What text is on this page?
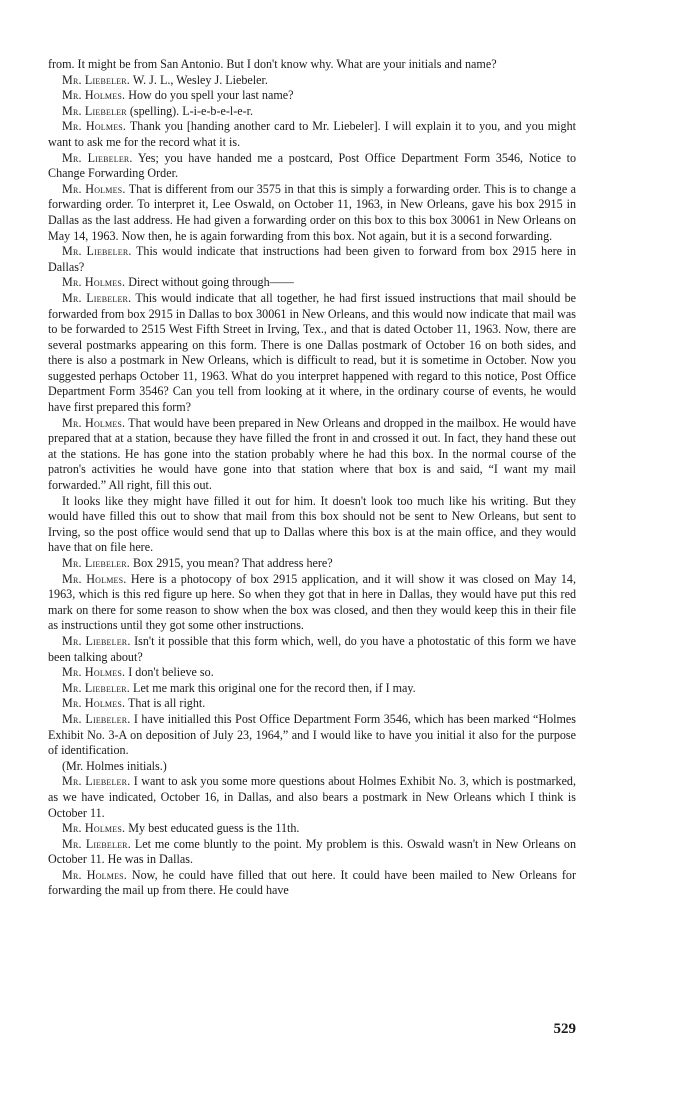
from. It might be from San Antonio. But I don't know why. What are your initials and name?

Mr. Liebeler. W. J. L., Wesley J. Liebeler.

Mr. Holmes. How do you spell your last name?

Mr. Liebeler (spelling). L-i-e-b-e-l-e-r.

Mr. Holmes. Thank you [handing another card to Mr. Liebeler]. I will explain it to you, and you might want to ask me for the record what it is.

Mr. Liebeler. Yes; you have handed me a postcard, Post Office Department Form 3546, Notice to Change Forwarding Order.

Mr. Holmes. That is different from our 3575 in that this is simply a forwarding order. This is to change a forwarding order. To interpret it, Lee Oswald, on October 11, 1963, in New Orleans, gave his box 2915 in Dallas as the last address. He had given a forwarding order on this box to this box 30061 in New Orleans on May 14, 1963. Now then, he is again forwarding from this box. Not again, but it is a second forwarding.

Mr. Liebeler. This would indicate that instructions had been given to forward from box 2915 here in Dallas?

Mr. Holmes. Direct without going through——

Mr. Liebeler. This would indicate that all together, he had first issued instructions that mail should be forwarded from box 2915 in Dallas to box 30061 in New Orleans, and this would now indicate that mail was to be forwarded to 2515 West Fifth Street in Irving, Tex., and that is dated October 11, 1963. Now, there are several postmarks appearing on this form. There is one Dallas postmark of October 16 on both sides, and there is also a postmark in New Orleans, which is difficult to read, but it is sometime in October. Now you suggested perhaps October 11, 1963. What do you interpret happened with regard to this notice, Post Office Department Form 3546? Can you tell from looking at it where, in the ordinary course of events, he would have first prepared this form?

Mr. Holmes. That would have been prepared in New Orleans and dropped in the mailbox. He would have prepared that at a station, because they have filled the front in and crossed it out. In fact, they hand these out at the stations. He has gone into the station probably where he had this box. In the normal course of the patron's activities he would have gone into that station where that box is and said, “I want my mail forwarded.” All right, fill this out.

It looks like they might have filled it out for him. It doesn't look too much like his writing. But they would have filled this out to show that mail from this box should not be sent to New Orleans, but sent to Irving, so the post office would send that up to Dallas where this box is at the main office, and they would have that on file here.

Mr. Liebeler. Box 2915, you mean? That address here?

Mr. Holmes. Here is a photocopy of box 2915 application, and it will show it was closed on May 14, 1963, which is this red figure up here. So when they got that in here in Dallas, they would have put this red mark on there for some reason to show when the box was closed, and then they would keep this in their file as instructions until they got some other instructions.

Mr. Liebeler. Isn't it possible that this form which, well, do you have a photostatic of this form we have been talking about?

Mr. Holmes. I don't believe so.

Mr. Liebeler. Let me mark this original one for the record then, if I may.

Mr. Holmes. That is all right.

Mr. Liebeler. I have initialled this Post Office Department Form 3546, which has been marked “Holmes Exhibit No. 3-A on deposition of July 23, 1964,” and I would like to have you initial it also for the purpose of identification.

(Mr. Holmes initials.)

Mr. Liebeler. I want to ask you some more questions about Holmes Exhibit No. 3, which is postmarked, as we have indicated, October 16, in Dallas, and also bears a postmark in New Orleans which I think is October 11.

Mr. Holmes. My best educated guess is the 11th.

Mr. Liebeler. Let me come bluntly to the point. My problem is this. Oswald wasn't in New Orleans on October 11. He was in Dallas.

Mr. Holmes. Now, he could have filled that out here. It could have been mailed to New Orleans for forwarding the mail up from there. He could have

529
